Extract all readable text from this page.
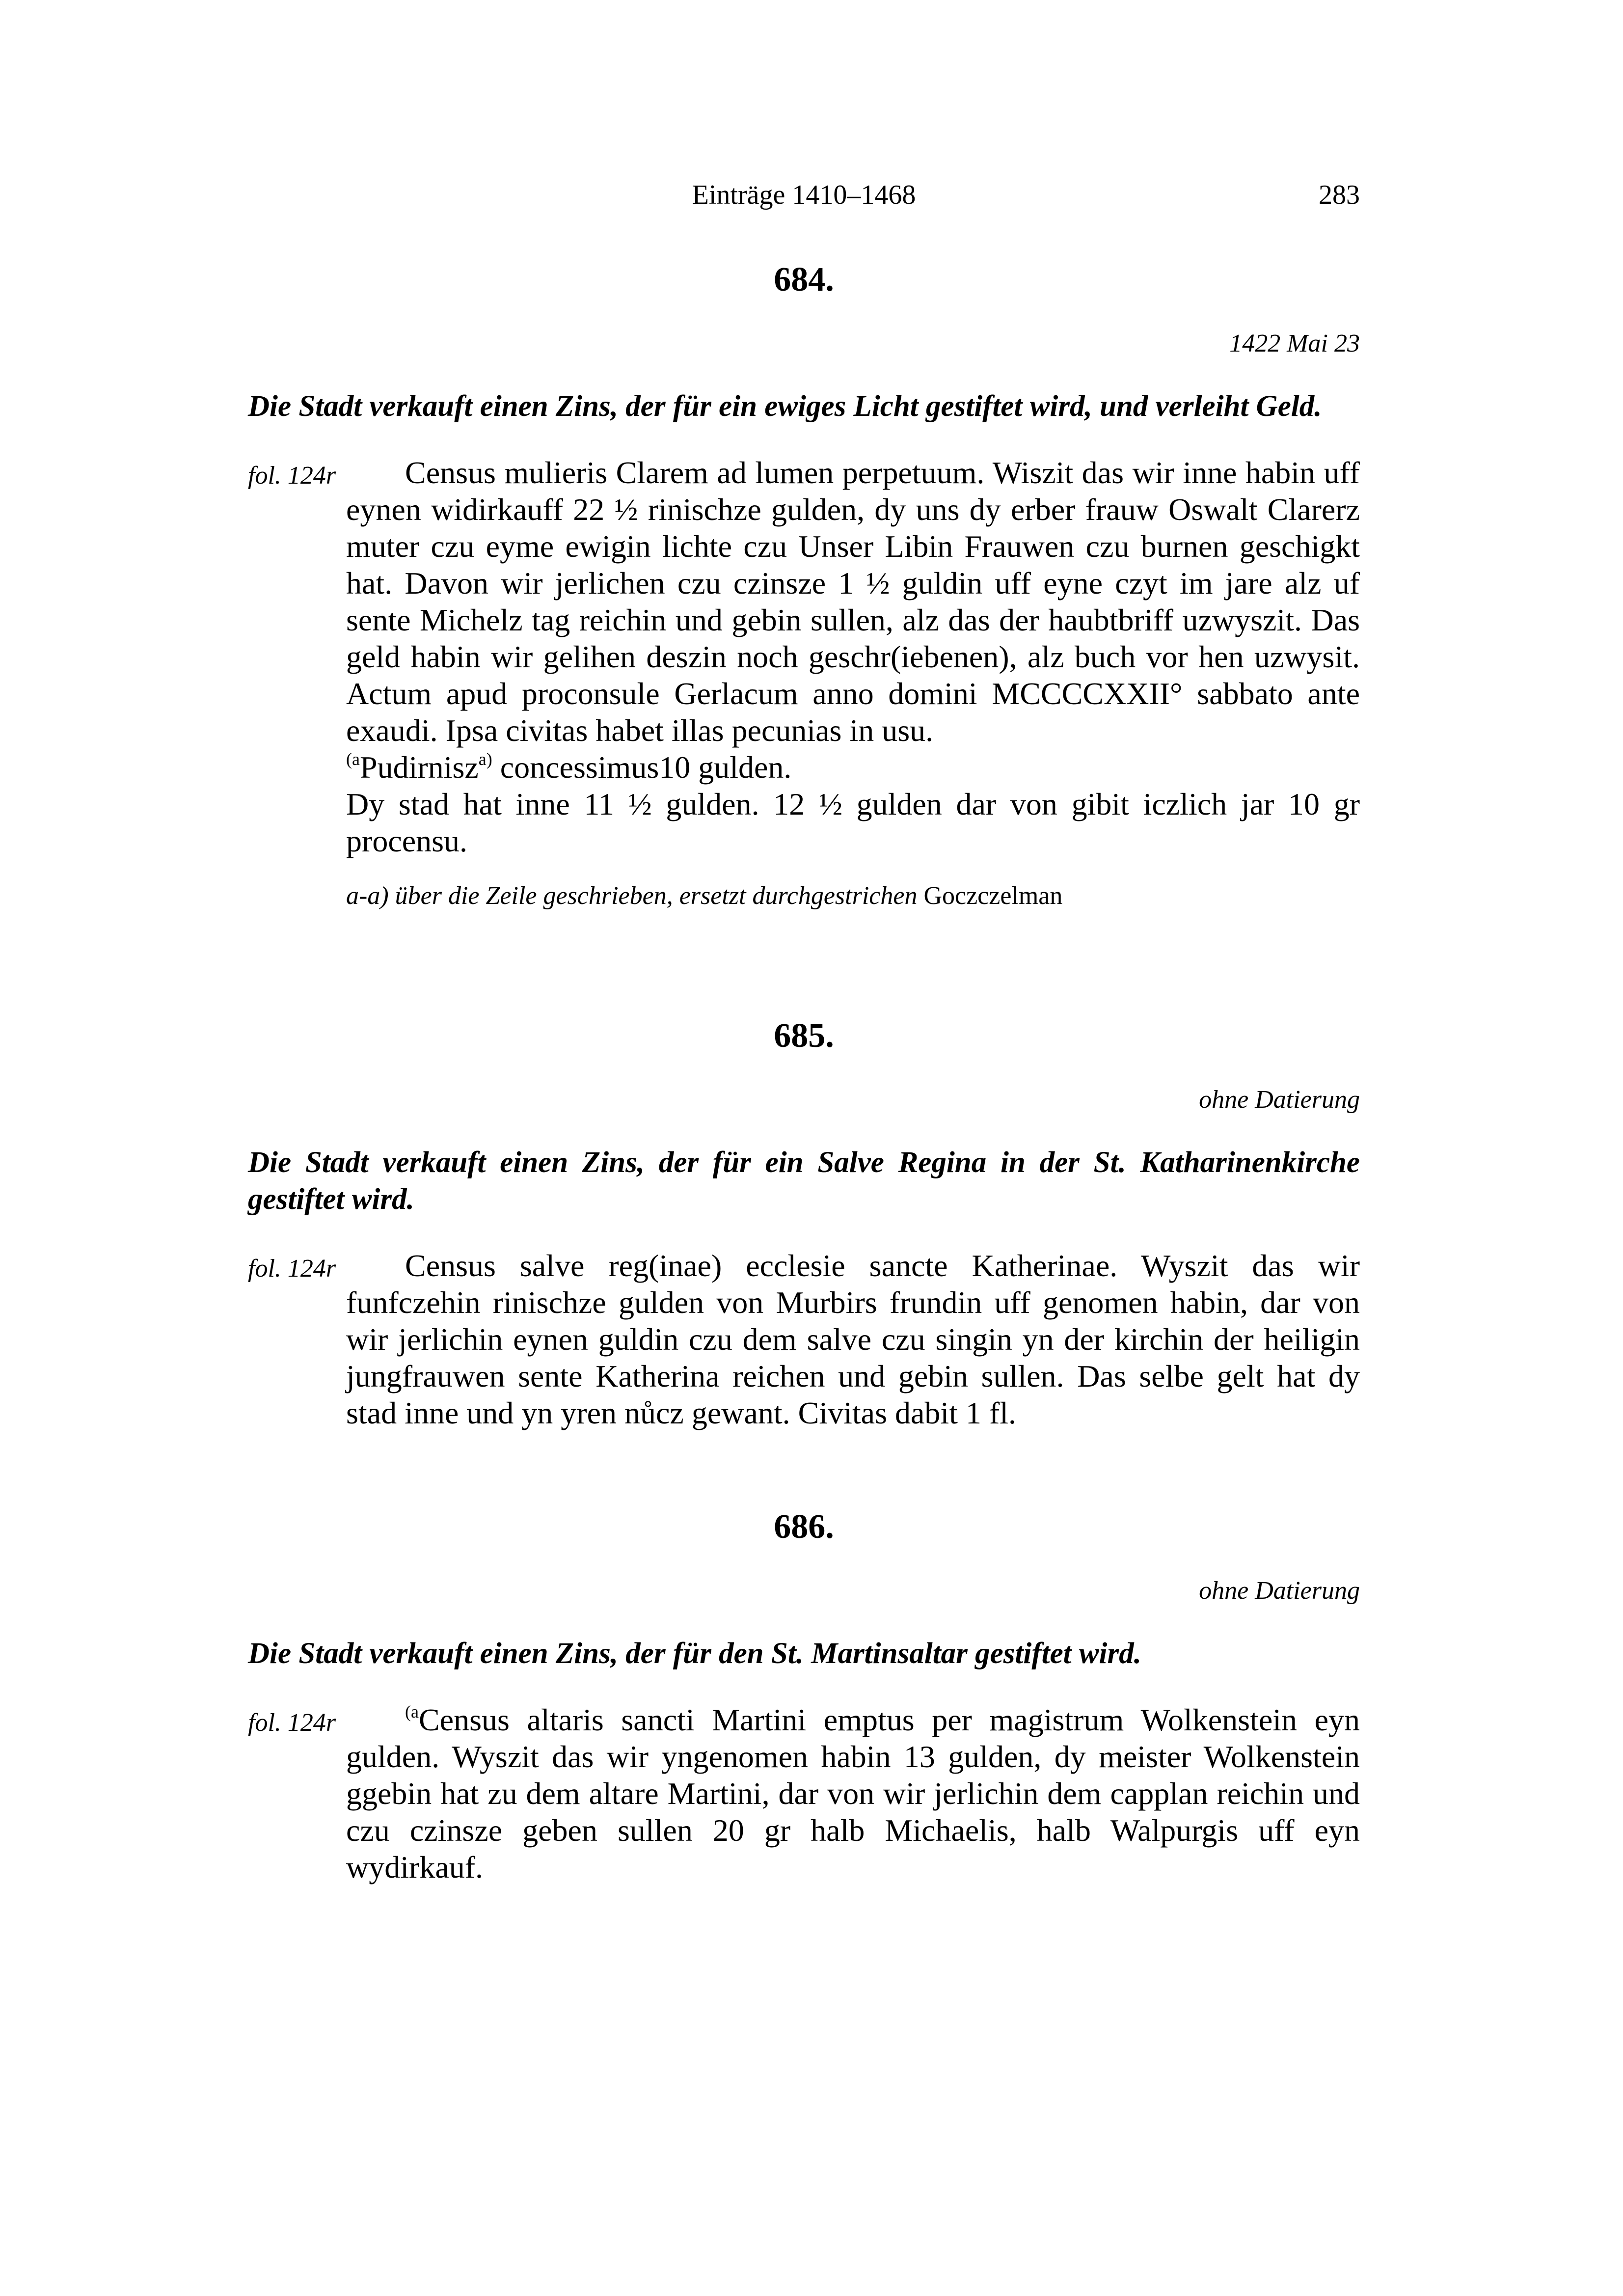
Einträge 1410–1468	283
684.
1422 Mai 23
Die Stadt verkauft einen Zins, der für ein ewiges Licht gestiftet wird, und verleiht Geld.
fol. 124r	Census mulieris Clarem ad lumen perpetuum. Wiszit das wir inne habin uff eynen widirkauff 22 ½ rinischze gulden, dy uns dy erber frauw Oswalt Clarerz muter czu eyme ewigin lichte czu Unser Libin Frauwen czu burnen geschigkt hat. Davon wir jerlichen czu czinsze 1 ½ guldin uff eyne czyt im jare alz uf sente Michelz tag reichin und gebin sullen, alz das der haubtbriff uzwyszit. Das geld habin wir gelihen deszin noch geschr(iebenen), alz buch vor hen uzwysit. Actum apud proconsule Gerlacum anno domini MCCCCXXII° sabbato ante exaudi. Ipsa civitas habet illas pecunias in usu.

$^{(a}$Pudirnisz$^{a)}$ concessimus10 gulden.

Dy stad hat inne 11 ½ gulden. 12 ½ gulden dar von gibit iczlich jar 10 gr procensu.

a-a) über die Zeile geschrieben, ersetzt durchgestrichen Goczczelman
685.
ohne Datierung
Die Stadt verkauft einen Zins, der für ein Salve Regina in der St. Katharinenkirche gestiftet wird.
fol. 124r	Census salve reg(inae) ecclesie sancte Katherinae. Wyszit das wir funfczehin rinischze gulden von Murbirs frundin uff genomen habin, dar von wir jerlichin eynen guldin czu dem salve czu singin yn der kirchin der heiligin jungfrauwen sente Katherina reichen und gebin sullen. Das selbe gelt hat dy stad inne und yn yren nůcz gewant. Civitas dabit 1 fl.

686.
ohne Datierung
Die Stadt verkauft einen Zins, der für den St. Martinsaltar gestiftet wird.
fol. 124r	$^{(a}$Census altaris sancti Martini emptus per magistrum Wolkenstein eyn gulden. Wyszit das wir yngenomen habin 13 gulden, dy meister Wolkenstein ggebin hat zu dem altare Martini, dar von wir jerlichin dem capplan reichin und czu czinsze geben sullen 20 gr halb Michaelis, halb Walpurgis uff eyn wydirkauf.
